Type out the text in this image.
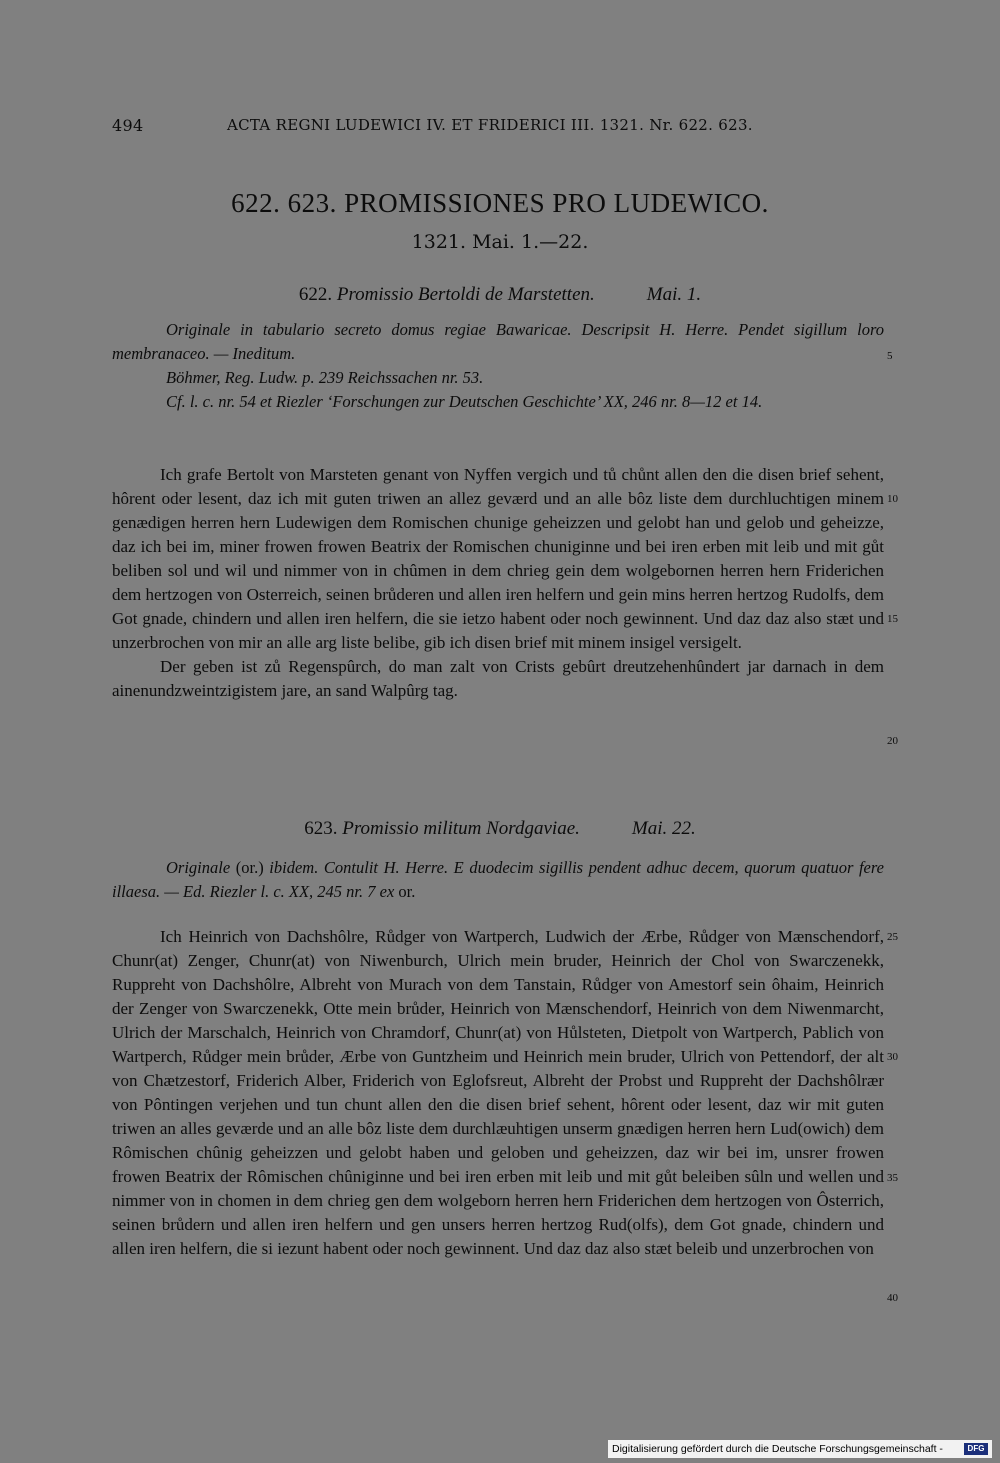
494	ACTA REGNI LUDEWICI IV. ET FRIDERICI III. 1321. Nr. 622. 623.
622. 623. PROMISSIONES PRO LUDEWICO.
1321. Mai. 1.—22.
622. Promissio Bertoldi de Marstetten.	Mai. 1.

Originale in tabulario secreto domus regiae Bawaricae. Descripsit H. Herre. Pendet sigillum loro membranaceo. — Ineditum.

Böhmer, Reg. Ludw. p. 239 Reichssachen nr. 53.

Cf. l. c. nr. 54 et Riezler ‘Forschungen zur Deutschen Geschichte’ XX, 246 nr. 8—12 et 14.

Ich grafe Bertolt von Marsteten genant von Nyffen vergich und tů chůnt allen den die disen brief sehent, hôrent oder lesent, daz ich mit guten triwen an allez geværd und an alle bôz liste dem durchluchtigen minem genædigen herren hern Ludewigen dem Romischen chunige geheizzen und gelobt han und gelob und geheizze, daz ich bei im, miner frowen frowen Beatrix der Romischen chuniginne und bei iren erben mit leib und mit gůt beliben sol und wil und nimmer von in chûmen in dem chrieg gein dem wolgebornen herren hern Friderichen dem hertzogen von Osterreich, seinen brůderen und allen iren helfern und gein mins herren hertzog Rudolfs, dem Got gnade, chindern und allen iren helfern, die sie ietzo habent oder noch gewinnent. Und daz daz also stæt und unzerbrochen von mir an alle arg liste belibe, gib ich disen brief mit minem insigel versigelt.

Der geben ist zů Regenspûrch, do man zalt von Crists gebûrt dreutzehenhûndert jar darnach in dem ainenundzweintzigistem jare, an sand Walpûrg tag.

623. Promissio militum Nordgaviae.	Mai. 22.

Originale (or.) ibidem. Contulit H. Herre. E duodecim sigillis pendent adhuc decem, quorum quatuor fere illaesa. — Ed. Riezler l. c. XX, 245 nr. 7 ex or.

Ich Heinrich von Dachshôlre, Růdger von Wartperch, Ludwich der Ærbe, Růdger von Mænschendorf, Chunr(at) Zenger, Chunr(at) von Niwenburch, Ulrich mein bruder, Heinrich der Chol von Swarczenekk, Ruppreht von Dachshôlre, Albreht von Murach von dem Tanstain, Růdger von Amestorf sein ôhaim, Heinrich der Zenger von Swarczenekk, Otte mein brůder, Heinrich von Mænschendorf, Heinrich von dem Niwenmarcht, Ulrich der Marschalch, Heinrich von Chramdorf, Chunr(at) von Hůlsteten, Dietpolt von Wartperch, Pablich von Wartperch, Růdger mein brůder, Ærbe von Guntzheim und Heinrich mein bruder, Ulrich von Pettendorf, der alt von Chætzestorf, Friderich Alber, Friderich von Eglofsreut, Albreht der Probst und Ruppreht der Dachshôlrær von Pôntingen verjehen und tun chunt allen den die disen brief sehent, hôrent oder lesent, daz wir mit guten triwen an alles geværde und an alle bôz liste dem durchlæuhtigen unserm gnædigen herren hern Lud(owich) dem Rômischen chûnig geheizzen und gelobt haben und geloben und geheizzen, daz wir bei im, unsrer frowen frowen Beatrix der Rômischen chûniginne und bei iren erben mit leib und mit gůt beleiben sûln und wellen und nimmer von in chomen in dem chrieg gen dem wolgeborn herren hern Friderichen dem hertzogen von Ôsterrich, seinen brůdern und allen iren helfern und gen unsers herren hertzog Rud(olfs), dem Got gnade, chindern und allen iren helfern, die si iezunt habent oder noch gewinnent. Und daz daz also stæt beleib und unzerbrochen von

5
10
15
20
25
30
35
40
Digitalisierung gefördert durch die Deutsche Forschungsgemeinschaft -	DFG
